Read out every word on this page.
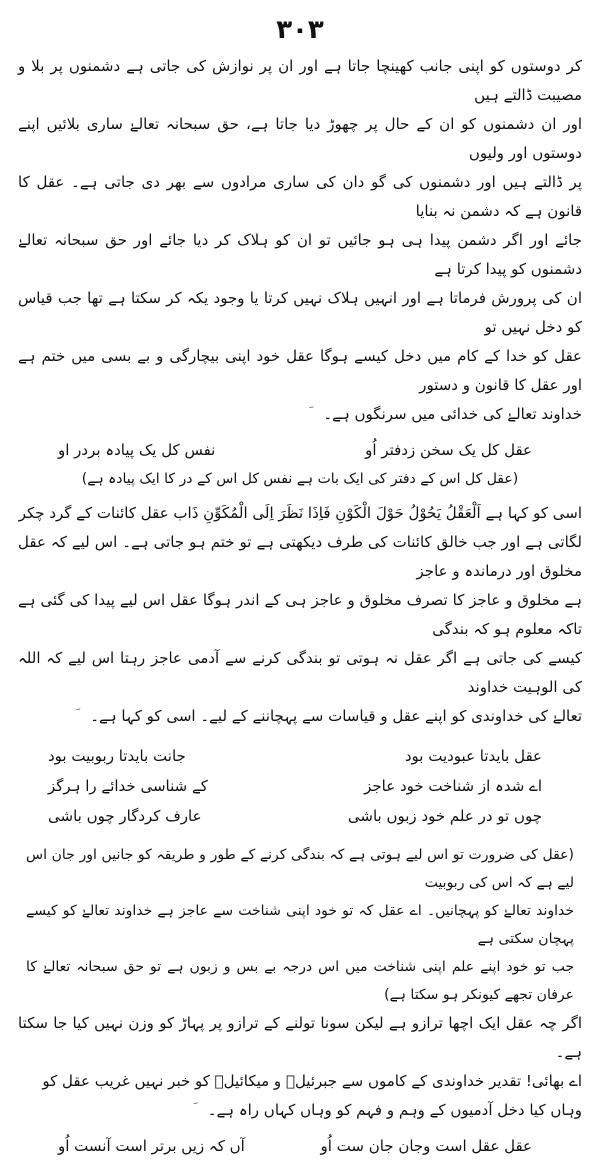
۳۰۳

کر دوستوں کو اپنی جانب کھینچا جاتا ہے اور ان پر نوازش کی جاتی ہے دشمنوں پر بلا و مصیبت ڈالتے ہیں

اور ان دشمنوں کو ان کے حال پر چھوڑ دیا جاتا ہے، حق سبحانہ تعالےٰ ساری بلائیں اپنے دوستوں اور ولیوں

پر ڈالتے ہیں اور دشمنوں کی گو دان کی ساری مرادوں سے بھر دی جاتی ہے۔ عقل کا قانون ہے کہ دشمن نہ بنایا

جائے اور اگر دشمن پیدا ہی ہو جائیں تو ان کو ہلاک کر دیا جائے اور حق سبحانہ تعالےٰ دشمنوں کو پیدا کرتا ہے

ان کی پرورش فرماتا ہے اور انہیں ہلاک نہیں کرتا یا وجود یکہ کر سکتا ہے تھا جب قیاس کو دخل نہیں تو

عقل کو خدا کے کام میں دخل کیسے ہوگا عقل خود اپنی بیچارگی و بے بسی میں ختم ہے اور عقل کا قانون و دستور

خداوند تعالےٰ کی خدائی میں سرنگوں ہے۔

عقل کل یک سخن زدفتر اُو
نفس کل یک پیادہ بردر او

(عقل کل اس کے دفتر کی ایک بات ہے نفس کل اس کے در کا ایک پیادہ ہے)

اسی کو کہا ہے اَلْعَقْلُ یَحُوْلُ حَوْلَ الْکَوْنِ فَاِذَا نَظَرَ اِلَی الْمُکَوِّنِ ذَاب عقل کائنات کے گرد چکر

لگاتی ہے اور جب خالق کائنات کی طرف دیکھتی ہے تو ختم ہو جاتی ہے۔ اس لیے کہ عقل مخلوق اور درماندہ و عاجز

ہے مخلوق و عاجز کا تصرف مخلوق و عاجز ہی کے اندر ہوگا عقل اس لیے پیدا کی گئی ہے تاکہ معلوم ہو کہ بندگی

کیسے کی جاتی ہے اگر عقل نہ ہوتی تو بندگی کرنے سے آدمی عاجز رہتا اس لیے کہ اللہ کی الوہیت خداوند

تعالےٰ کی خداوندی کو اپنے عقل و قیاسات سے پہچاننے کے لیے۔ اسی کو کہا ہے۔

عقل بایدتا عبودیت بود
جانت بایدتا ربوبیت بود
اے شدہ از شناخت خود عاجز
کے شناسی خدائے را ہرگز
چوں تو در علم خود زبوں باشی
عارف کردگار چوں باشی

(عقل کی ضرورت تو اس لیے ہوتی ہے کہ بندگی کرنے کے طور و طریقہ کو جانیں اور جان اس لیے ہے کہ اس کی ربوبیت

خداوند تعالےٰ کو پہچانیں۔ اے عقل کہ تو خود اپنی شناخت سے عاجز ہے خداوند تعالےٰ کو کیسے پہچان سکتی ہے

جب تو خود اپنے علم اپنی شناخت میں اس درجہ بے بس و زبوں ہے تو حق سبحانہ تعالےٰ کا عرفان تجھے کیونکر ہو سکتا ہے)

اگر چہ عقل ایک اچھا ترازو ہے لیکن سونا تولنے کے ترازو پر پہاڑ کو وزن نہیں کیا جا سکتا ہے۔

اے بھائی! تقدیر خداوندی کے کاموں سے جبرئیلؑ و میکائیلؑ کو خبر نہیں غریب عقل کو

وہاں کیا دخل آدمیوں کے وہم و فہم کو وہاں کہاں راہ ہے۔

عقل عقل است وجان جان ست اُو
آں کہ زیں برتر است آنست اُو
